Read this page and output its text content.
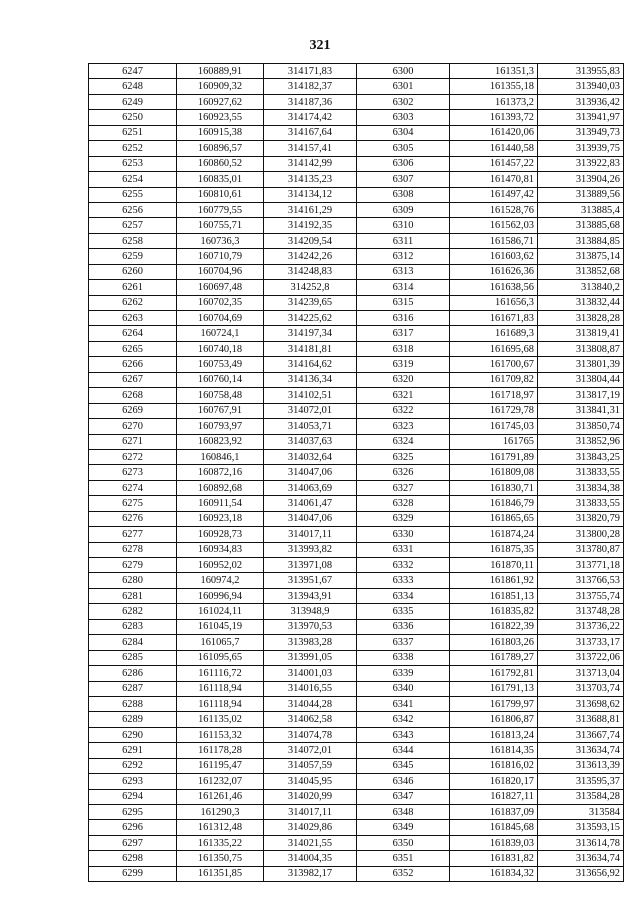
321
6247	160889,91	314171,83	6300	161351,3	313955,83
6248	160909,32	314182,37	6301	161355,18	313940,03
6249	160927,62	314187,36	6302	161373,2	313936,42
6250	160923,55	314174,42	6303	161393,72	313941,97
6251	160915,38	314167,64	6304	161420,06	313949,73
6252	160896,57	314157,41	6305	161440,58	313939,75
6253	160860,52	314142,99	6306	161457,22	313922,83
6254	160835,01	314135,23	6307	161470,81	313904,26
6255	160810,61	314134,12	6308	161497,42	313889,56
6256	160779,55	314161,29	6309	161528,76	313885,4
6257	160755,71	314192,35	6310	161562,03	313885,68
6258	160736,3	314209,54	6311	161586,71	313884,85
6259	160710,79	314242,26	6312	161603,62	313875,14
6260	160704,96	314248,83	6313	161626,36	313852,68
6261	160697,48	314252,8	6314	161638,56	313840,2
6262	160702,35	314239,65	6315	161656,3	313832,44
6263	160704,69	314225,62	6316	161671,83	313828,28
6264	160724,1	314197,34	6317	161689,3	313819,41
6265	160740,18	314181,81	6318	161695,68	313808,87
6266	160753,49	314164,62	6319	161700,67	313801,39
6267	160760,14	314136,34	6320	161709,82	313804,44
6268	160758,48	314102,51	6321	161718,97	313817,19
6269	160767,91	314072,01	6322	161729,78	313841,31
6270	160793,97	314053,71	6323	161745,03	313850,74
6271	160823,92	314037,63	6324	161765	313852,96
6272	160846,1	314032,64	6325	161791,89	313843,25
6273	160872,16	314047,06	6326	161809,08	313833,55
6274	160892,68	314063,69	6327	161830,71	313834,38
6275	160911,54	314061,47	6328	161846,79	313833,55
6276	160923,18	314047,06	6329	161865,65	313820,79
6277	160928,73	314017,11	6330	161874,24	313800,28
6278	160934,83	313993,82	6331	161875,35	313780,87
6279	160952,02	313971,08	6332	161870,11	313771,18
6280	160974,2	313951,67	6333	161861,92	313766,53
6281	160996,94	313943,91	6334	161851,13	313755,74
6282	161024,11	313948,9	6335	161835,82	313748,28
6283	161045,19	313970,53	6336	161822,39	313736,22
6284	161065,7	313983,28	6337	161803,26	313733,17
6285	161095,65	313991,05	6338	161789,27	313722,06
6286	161116,72	314001,03	6339	161792,81	313713,04
6287	161118,94	314016,55	6340	161791,13	313703,74
6288	161118,94	314044,28	6341	161799,97	313698,62
6289	161135,02	314062,58	6342	161806,87	313688,81
6290	161153,32	314074,78	6343	161813,24	313667,74
6291	161178,28	314072,01	6344	161814,35	313634,74
6292	161195,47	314057,59	6345	161816,02	313613,39
6293	161232,07	314045,95	6346	161820,17	313595,37
6294	161261,46	314020,99	6347	161827,11	313584,28
6295	161290,3	314017,11	6348	161837,09	313584
6296	161312,48	314029,86	6349	161845,68	313593,15
6297	161335,22	314021,55	6350	161839,03	313614,78
6298	161350,75	314004,35	6351	161831,82	313634,74
6299	161351,85	313982,17	6352	161834,32	313656,92
